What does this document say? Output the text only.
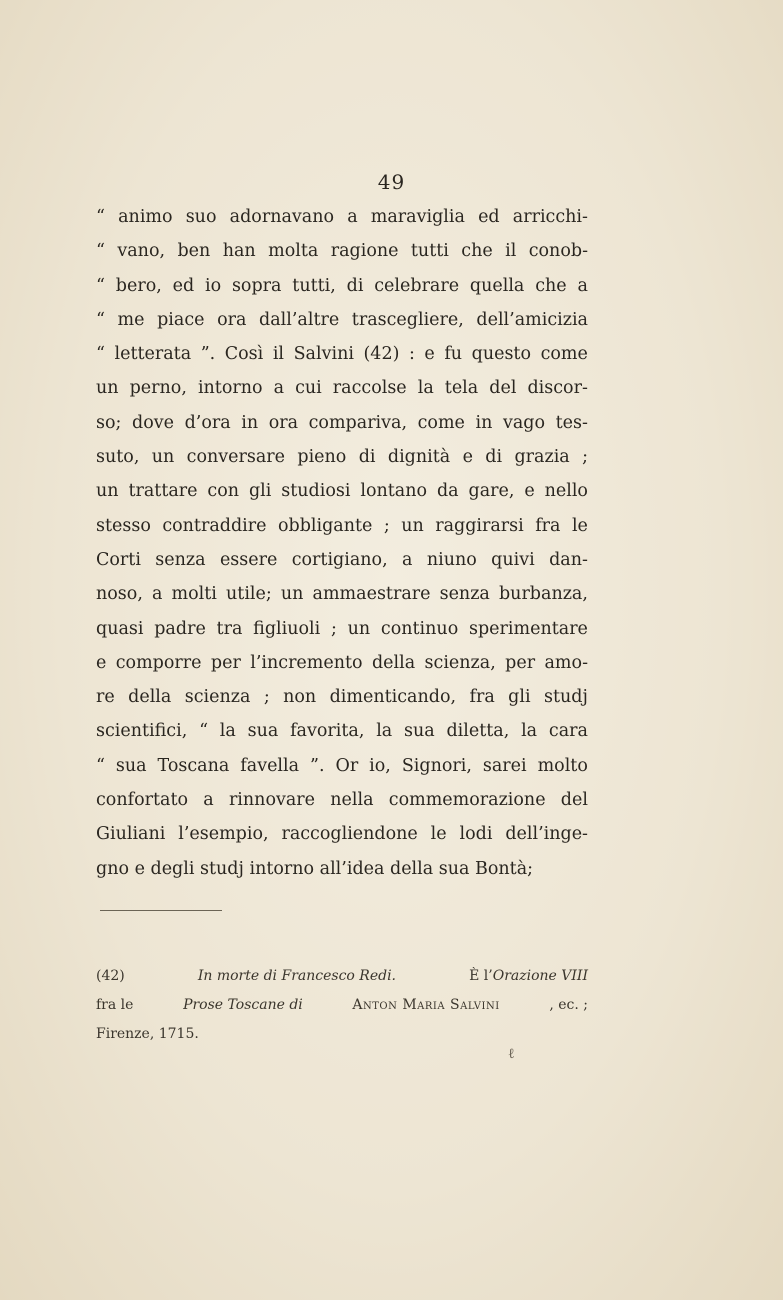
49
“ animo suo adornavano a maraviglia ed arricchi-
“ vano, ben han molta ragione tutti che il conob-
“ bero, ed io sopra tutti, di celebrare quella che a
“ me piace ora dall’altre trascegliere, dell’amicizia
“ letterata ”. Così il Salvini (42) : e fu questo come
un perno, intorno a cui raccolse la tela del discor-
so; dove d’ora in ora compariva, come in vago tes-
suto, un conversare pieno di dignità e di grazia ;
un trattare con gli studiosi lontano da gare, e nello
stesso contraddire obbligante ; un raggirarsi fra le
Corti senza essere cortigiano, a niuno quivi dan-
noso, a molti utile; un ammaestrare senza burbanza,
quasi padre tra figliuoli ; un continuo sperimentare
e comporre per l’incremento della scienza, per amo-
re della scienza ; non dimenticando, fra gli studj
scientifici, “ la sua favorita, la sua diletta, la cara
“ sua Toscana favella ”. Or io, Signori, sarei molto
confortato a rinnovare nella commemorazione del
Giuliani l’esempio, raccogliendone le lodi dell’inge-
gno e degli studj intorno all’idea della sua Bontà;
(42)	In morte di Francesco Redi.	È l’Orazione VIII
fra le	Prose Toscane di	Anton Maria Salvini	, ec. ;
Firenze, 1715.
ℓ
